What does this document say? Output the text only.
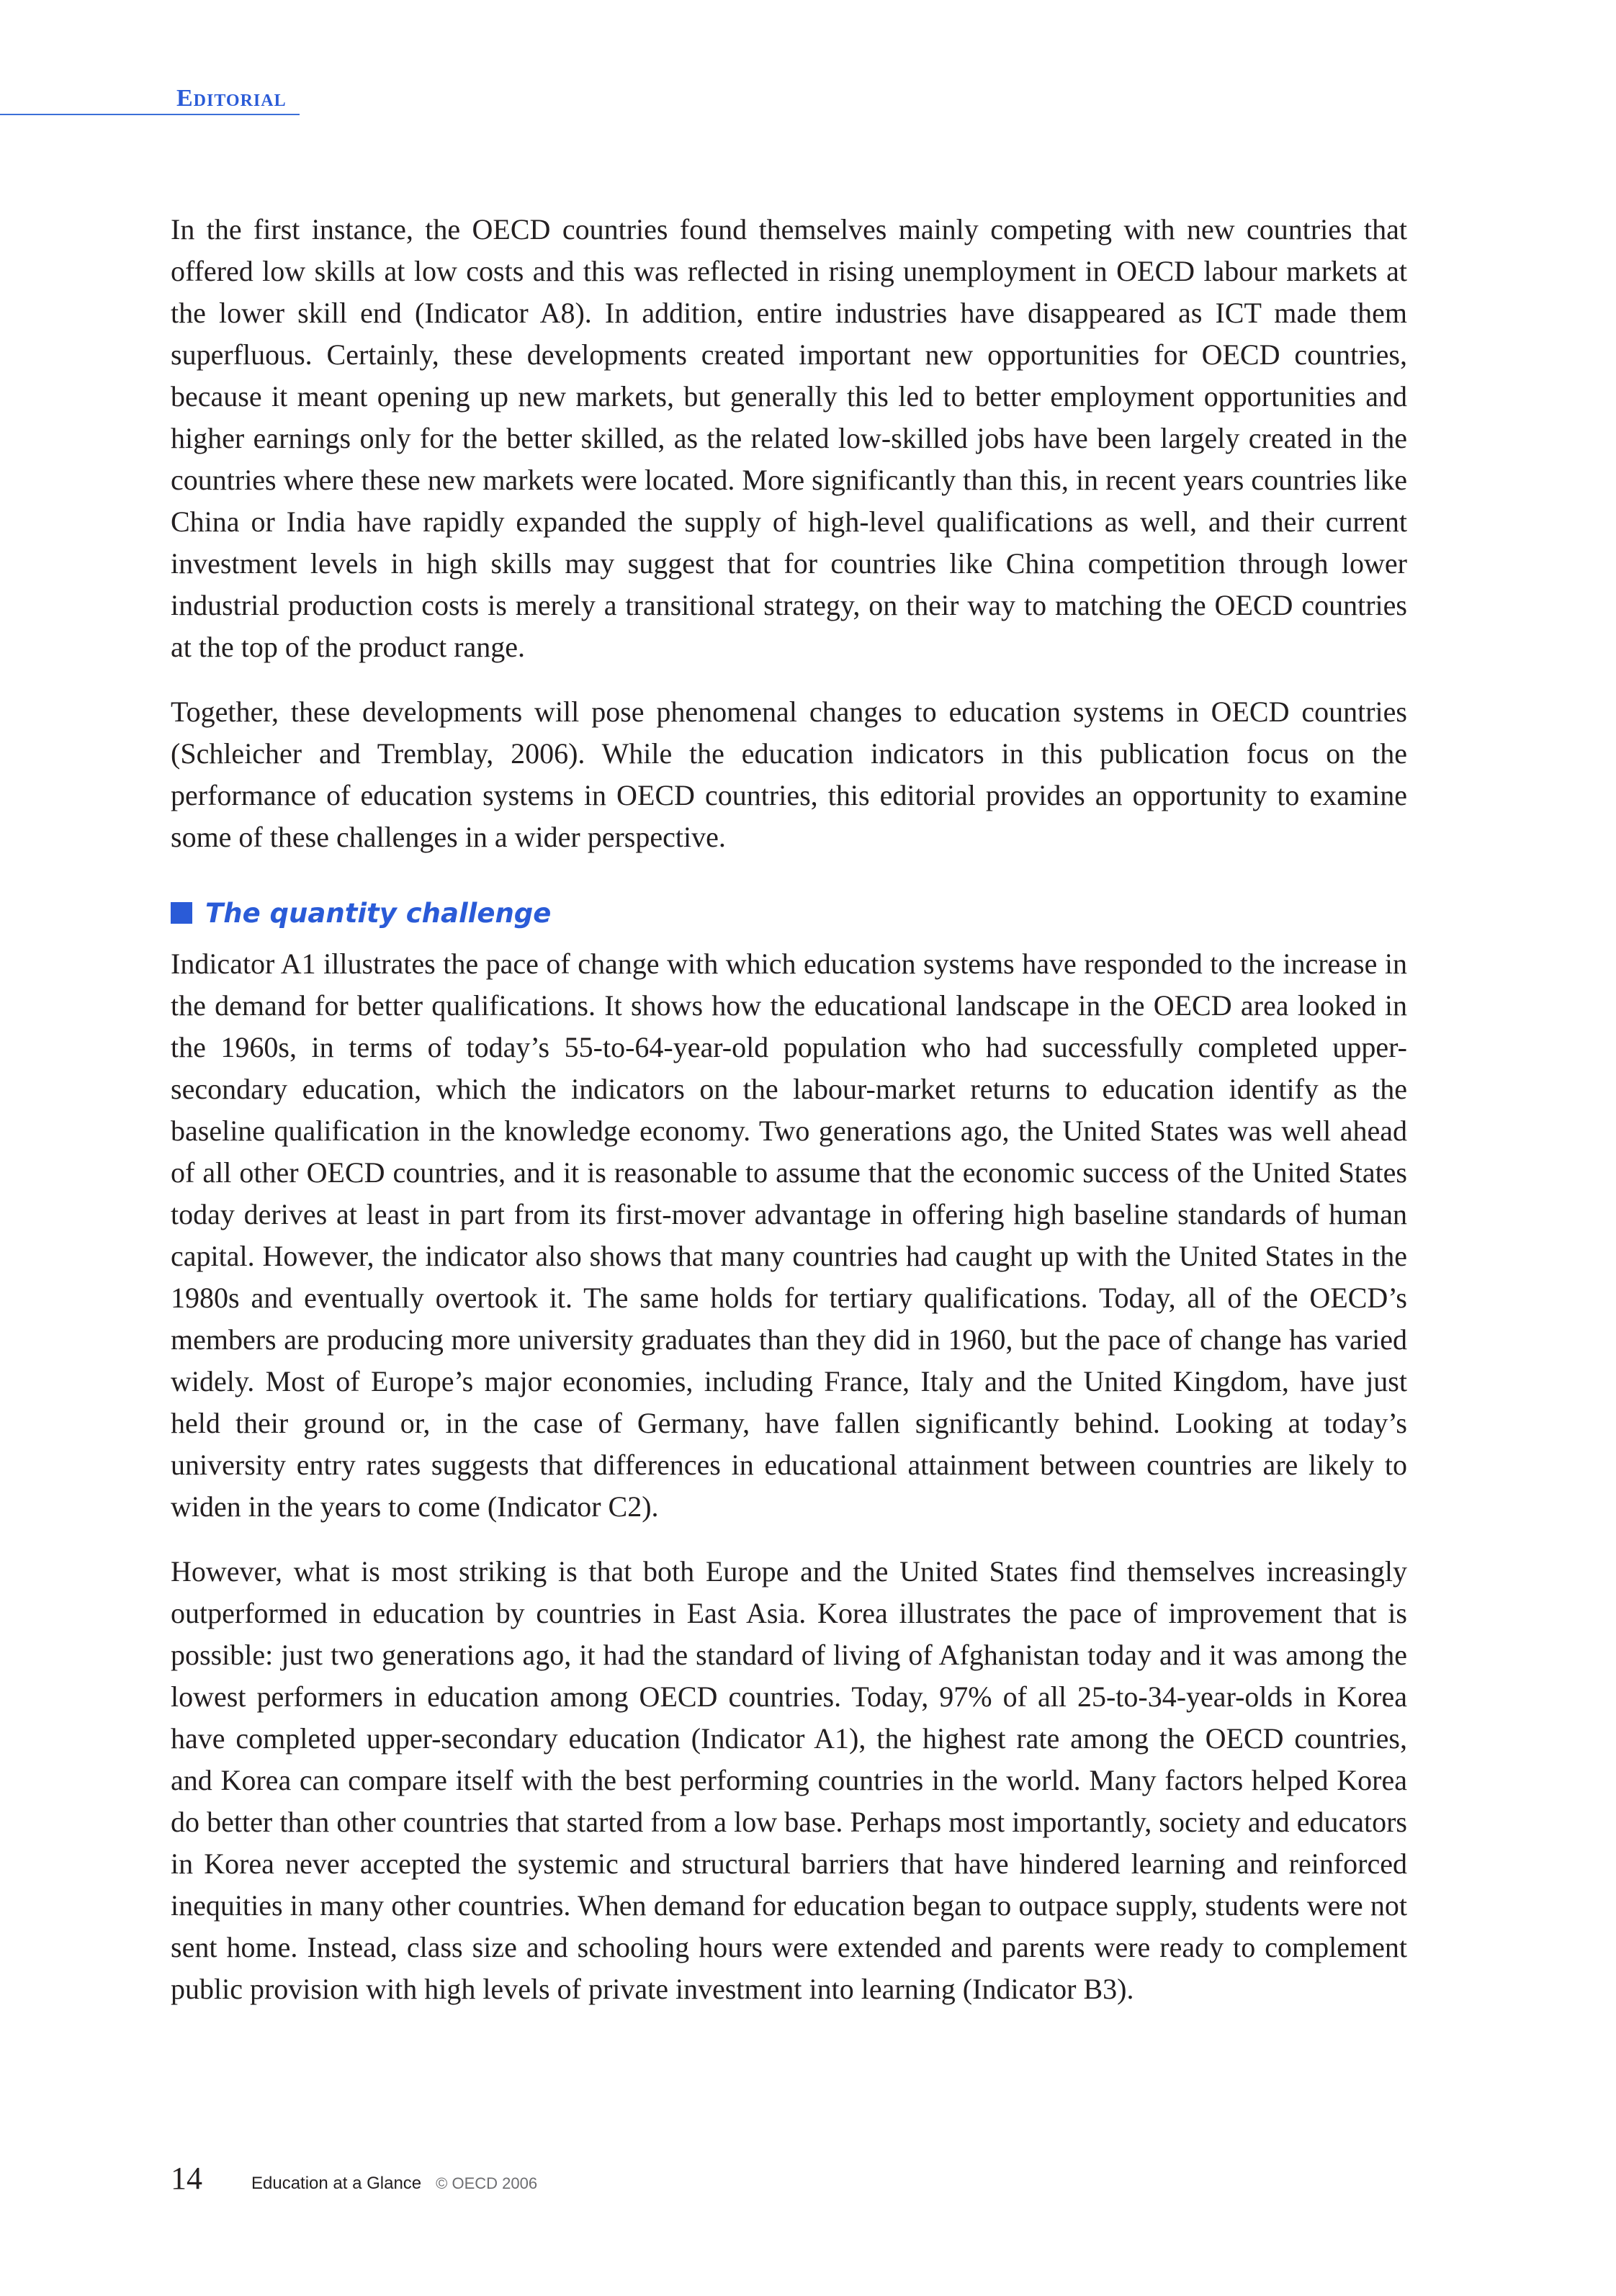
Editorial

In the first instance, the OECD countries found themselves mainly competing with new countries that offered low skills at low costs and this was reflected in rising unemployment in OECD labour markets at the lower skill end (Indicator A8). In addition, entire industries have disappeared as ICT made them superfluous. Certainly, these developments created important new opportunities for OECD countries, because it meant opening up new markets, but generally this led to better employment opportunities and higher earnings only for the better skilled, as the related low-skilled jobs have been largely created in the countries where these new markets were located. More significantly than this, in recent years countries like China or India have rapidly expanded the supply of high-level qualifications as well, and their current investment levels in high skills may suggest that for countries like China competition through lower industrial production costs is merely a transitional strategy, on their way to matching the OECD countries at the top of the product range.

Together, these developments will pose phenomenal changes to education systems in OECD countries (Schleicher and Tremblay, 2006). While the education indicators in this publication focus on the performance of education systems in OECD countries, this editorial provides an opportunity to examine some of these challenges in a wider perspective.

The quantity challenge

Indicator A1 illustrates the pace of change with which education systems have responded to the increase in the demand for better qualifications. It shows how the educational landscape in the OECD area looked in the 1960s, in terms of today’s 55-to-64-year-old population who had successfully completed upper-secondary education, which the indicators on the labour-market returns to education identify as the baseline qualification in the knowledge economy. Two generations ago, the United States was well ahead of all other OECD countries, and it is reasonable to assume that the economic success of the United States today derives at least in part from its first-mover advantage in offering high baseline standards of human capital. However, the indicator also shows that many countries had caught up with the United States in the 1980s and eventually overtook it. The same holds for tertiary qualifications. Today, all of the OECD’s members are producing more university graduates than they did in 1960, but the pace of change has varied widely. Most of Europe’s major economies, including France, Italy and the United Kingdom, have just held their ground or, in the case of Germany, have fallen significantly behind. Looking at today’s university entry rates suggests that differences in educational attainment between countries are likely to widen in the years to come (Indicator C2).

However, what is most striking is that both Europe and the United States find themselves increasingly outperformed in education by countries in East Asia. Korea illustrates the pace of improvement that is possible: just two generations ago, it had the standard of living of Afghanistan today and it was among the lowest performers in education among OECD countries. Today, 97% of all 25-to-34-year-olds in Korea have completed upper-secondary education (Indicator A1), the highest rate among the OECD countries, and Korea can compare itself with the best performing countries in the world. Many factors helped Korea do better than other countries that started from a low base. Perhaps most importantly, society and educators in Korea never accepted the systemic and structural barriers that have hindered learning and reinforced inequities in many other countries. When demand for education began to outpace supply, students were not sent home. Instead, class size and schooling hours were extended and parents were ready to complement public provision with high levels of private investment into learning (Indicator B3).

14	Education at a Glance © OECD 2006
